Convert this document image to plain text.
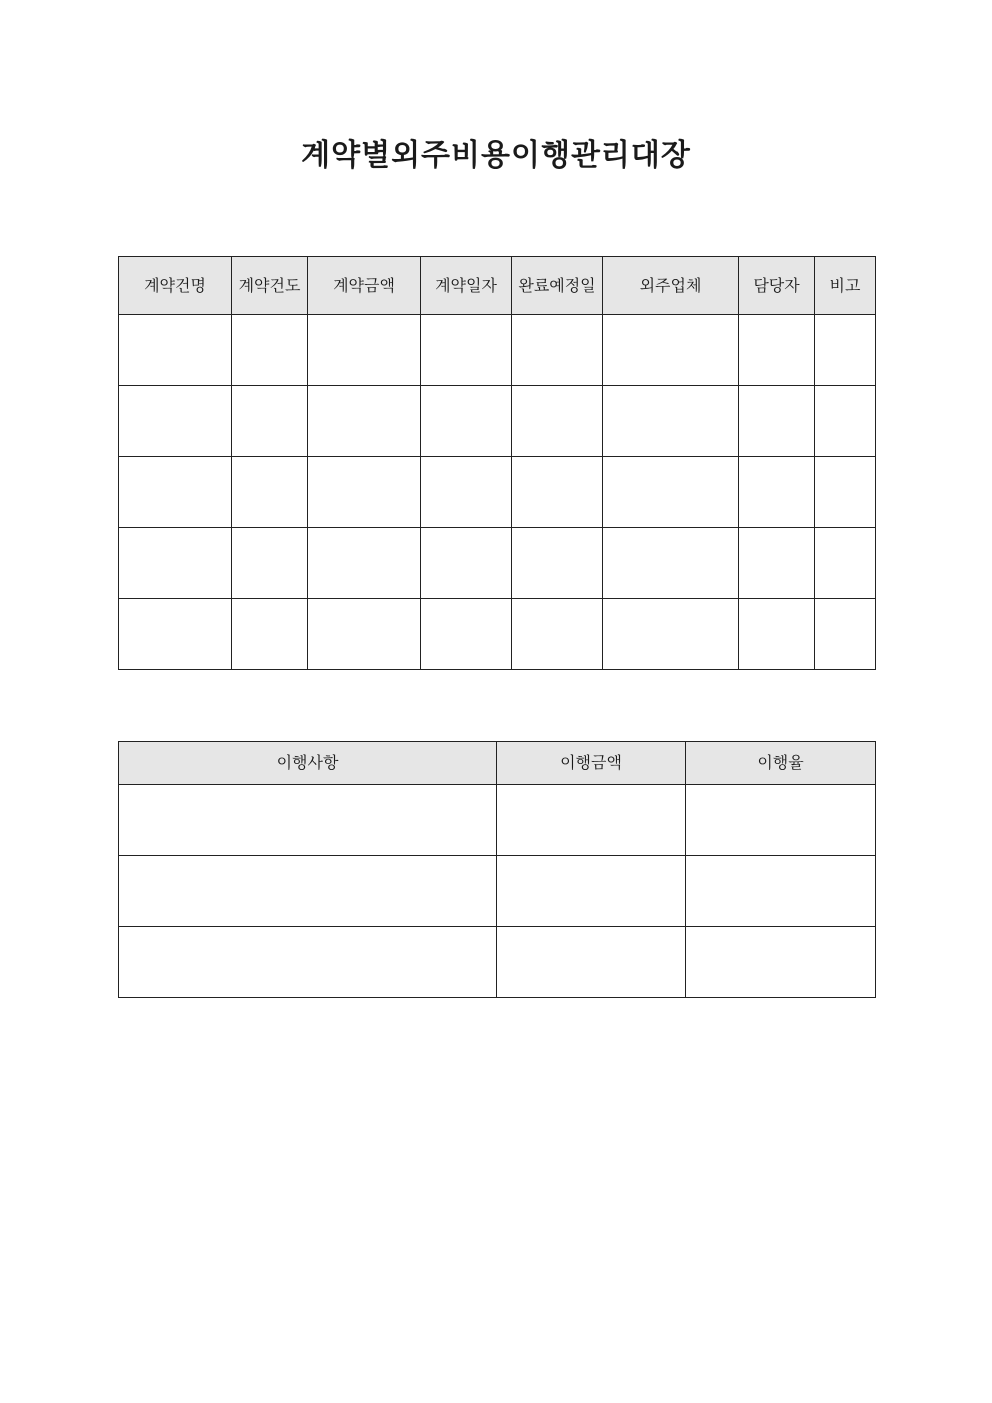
계약별외주비용이행관리대장
계약건명	계약건도	계약금액	계약일자	완료예정일	외주업체	담당자	비고

이행사항	이행금액	이행율
